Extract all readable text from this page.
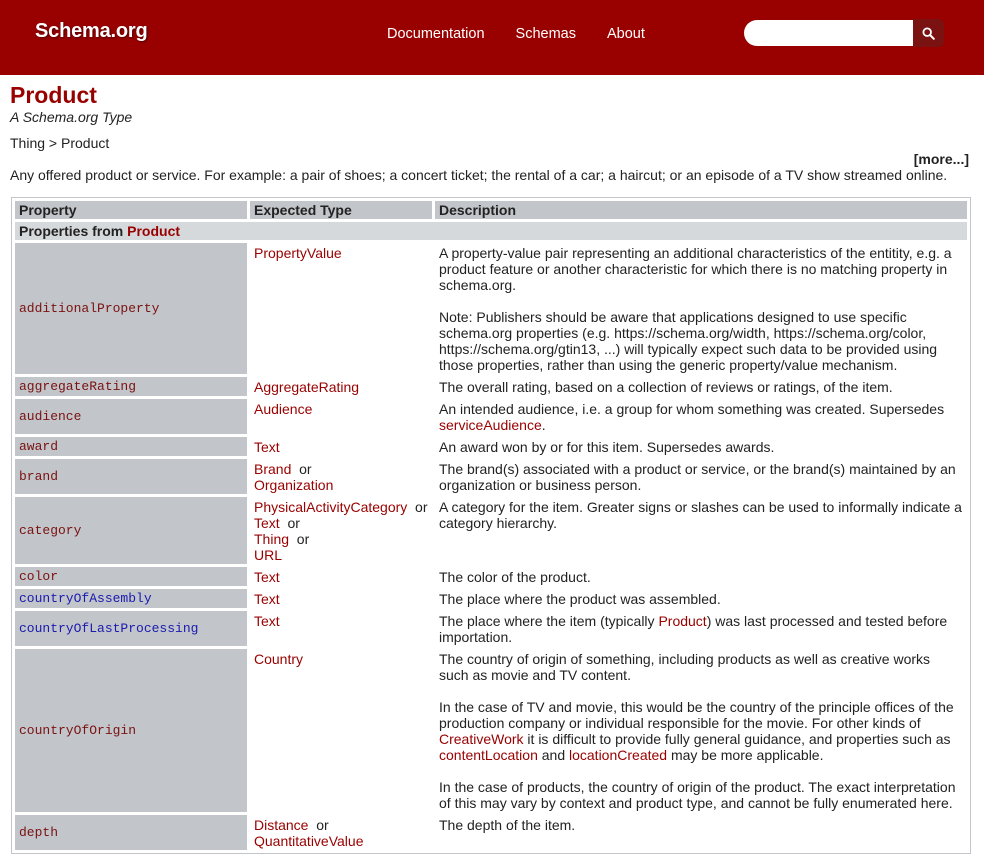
Schema.org	Documentation Schemas About
Product
A Schema.org Type
Thing > Product
[more...]
Any offered product or service. For example: a pair of shoes; a concert ticket; the rental of a car; a haircut; or an episode of a TV show streamed online.
Property	Expected Type	Description
Properties from Product		
additionalProperty	PropertyValue	A property-value pair representing an additional characteristics of the entitity, e.g. a product feature or another characteristic for which there is no matching property in schema.org.
Note: Publishers should be aware that applications designed to use specific schema.org properties (e.g. https://schema.org/width, https://schema.org/color, https://schema.org/gtin13, ...) will typically expect such data to be provided using those properties, rather than using the generic property/value mechanism.

aggregateRating	AggregateRating	The overall rating, based on a collection of reviews or ratings, of the item.

audience	Audience	An intended audience, i.e. a group for whom something was created. Supersedes serviceAudience.

award	Text	An award won by or for this item. Supersedes awards.

brand	Brand  or
Organization	The brand(s) associated with a product or service, or the brand(s) maintained by an organization or business person.

category	PhysicalActivityCategory  or
Text  or
Thing  or
URL	A category for the item. Greater signs or slashes can be used to informally indicate a category hierarchy.

color	Text	The color of the product.

countryOfAssembly	Text	The place where the product was assembled.

countryOfLastProcessing	Text	The place where the item (typically Product) was last processed and tested before importation.

countryOfOrigin	Country	The country of origin of something, including products as well as creative works such as movie and TV content.
In the case of TV and movie, this would be the country of the principle offices of the production company or individual responsible for the movie. For other kinds of CreativeWork it is difficult to provide fully general guidance, and properties such as contentLocation and locationCreated may be more applicable.
In the case of products, the country of origin of the product. The exact interpretation of this may vary by context and product type, and cannot be fully enumerated here.

depth	Distance  or
QuantitativeValue	The depth of the item.
